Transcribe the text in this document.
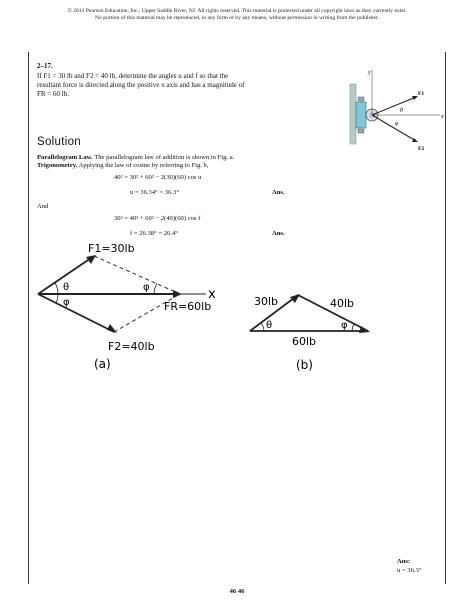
© 2013 Pearson Education, Inc., Upper Saddle River, NJ. All rights reserved. This material is protected under all copyright laws as they currently exist.
No portion of this material may be reproduced, in any form or by any means, without permission in writing from the publisher.
2–17.
If F1 = 30 lb and F2 = 40 lb, determine the angles u and f so that the resultant force is directed along the positive x axis and has a magnitude of FR = 60 lb.
y
x
F1
F2
θ
φ
Solution
Parallelogram Law. The parallelogram law of addition is shown in Fig. a.
Trigonometry. Applying the law of cosine by referring to Fig. b,
40² = 30² + 60² − 2(30)(60) cos u
u = 36.34° = 36.3°	Ans.
And
30² = 40² + 60² − 2(40)(60) cos f
f = 26.38° = 26.4°	Ans.
F1=30lb
FR=60lb
F2=40lb
x
θ
φ
φ
(a)
30lb	40lb
60lb
θ	φ
(b)
Ans:
u = 36.3°
46 46
